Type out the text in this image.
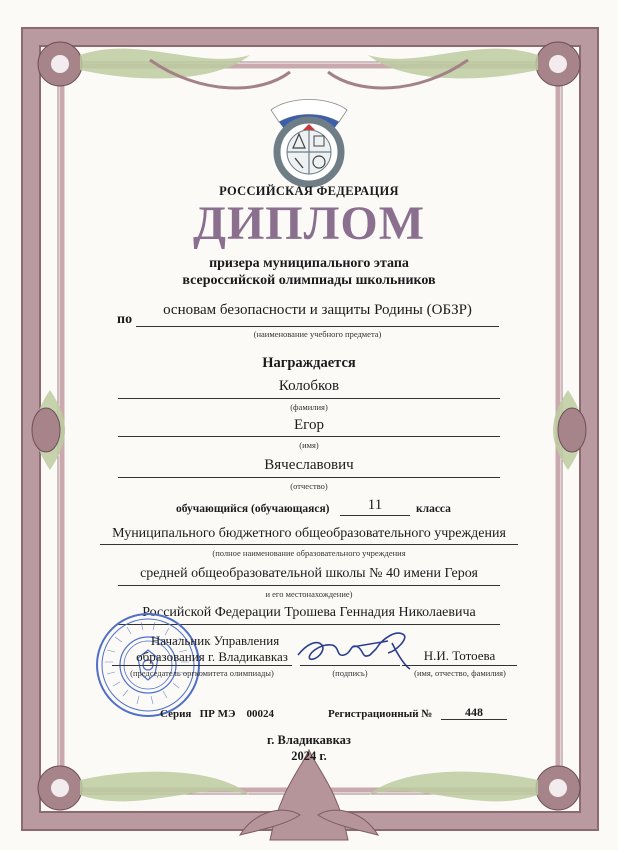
РОССИЙСКАЯ ФЕДЕРАЦИЯ
ДИПЛОМ
призера муниципального этапа
всероссийской олимпиады школьников
по
основам безопасности и защиты Родины (ОБЗР)
(наименование учебного предмета)
Награждается
Колобков
(фамилия)
Егор
(имя)
Вячеславович
(отчество)
обучающийся (обучающаяся)	11	класса
Муниципального бюджетного общеобразовательного учреждения
(полное наименование образовательного учреждения
средней общеобразовательной школы № 40 имени Героя
и его местонахождение)
Российской Федерации Трошева Геннадия Николаевича
Начальник Управления
образования г. Владикавказ
(председатель оргкомитета олимпиады)	(подпись)
Н.И. Тотоева
(имя, отчество, фамилия)
Серия ПР МЭ 00024	Регистрационный №	448
г. Владикавказ
2024 г.
